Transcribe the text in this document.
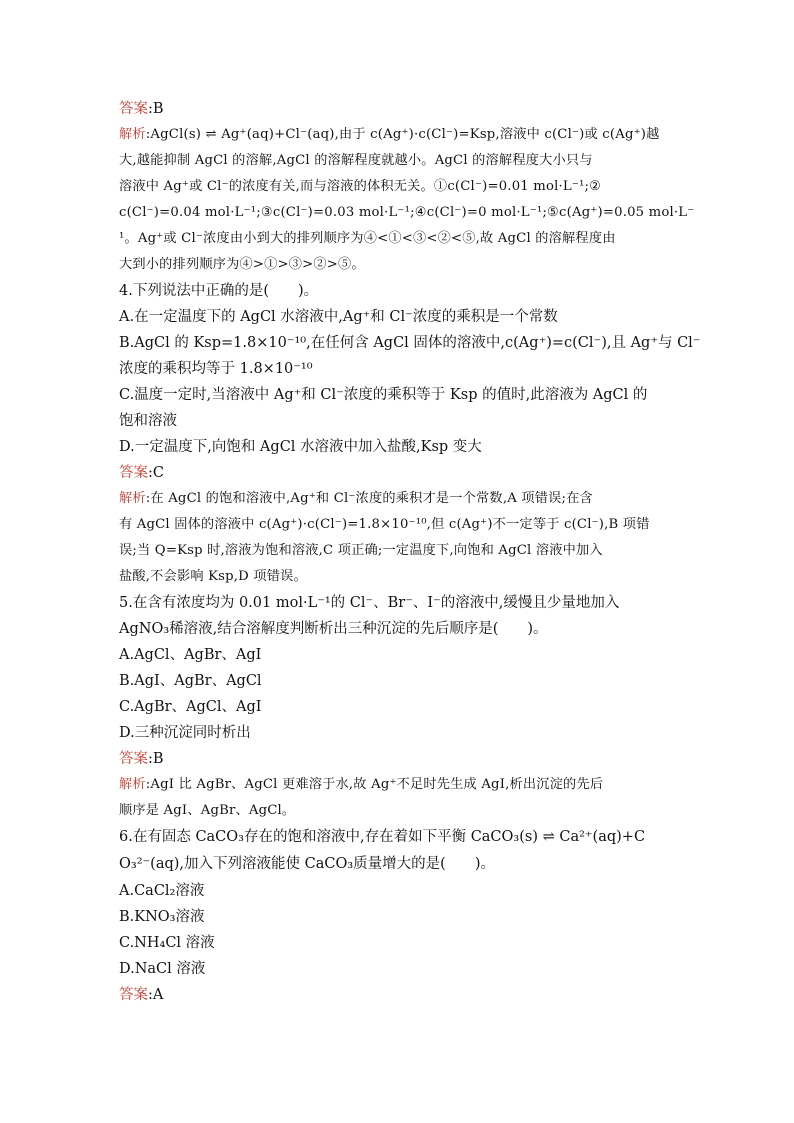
答案:B
解析:AgCl(s) ⇌ Ag⁺(aq)+Cl⁻(aq),由于 c(Ag⁺)·c(Cl⁻)=Ksp,溶液中 c(Cl⁻)或 c(Ag⁺)越
大,越能抑制 AgCl 的溶解,AgCl 的溶解程度就越小。AgCl 的溶解程度大小只与
溶液中 Ag⁺或 Cl⁻的浓度有关,而与溶液的体积无关。①c(Cl⁻)=0.01 mol·L⁻¹;②
c(Cl⁻)=0.04 mol·L⁻¹;③c(Cl⁻)=0.03 mol·L⁻¹;④c(Cl⁻)=0 mol·L⁻¹;⑤c(Ag⁺)=0.05 mol·L⁻
¹。Ag⁺或 Cl⁻浓度由小到大的排列顺序为④<①<③<②<⑤,故 AgCl 的溶解程度由
大到小的排列顺序为④>①>③>②>⑤。
4.下列说法中正确的是(　　)。
A.在一定温度下的 AgCl 水溶液中,Ag⁺和 Cl⁻浓度的乘积是一个常数
B.AgCl 的 Ksp=1.8×10⁻¹⁰,在任何含 AgCl 固体的溶液中,c(Ag⁺)=c(Cl⁻),且 Ag⁺与 Cl⁻
浓度的乘积均等于 1.8×10⁻¹⁰
C.温度一定时,当溶液中 Ag⁺和 Cl⁻浓度的乘积等于 Ksp 的值时,此溶液为 AgCl 的
饱和溶液
D.一定温度下,向饱和 AgCl 水溶液中加入盐酸,Ksp 变大
答案:C
解析:在 AgCl 的饱和溶液中,Ag⁺和 Cl⁻浓度的乘积才是一个常数,A 项错误;在含
有 AgCl 固体的溶液中 c(Ag⁺)·c(Cl⁻)=1.8×10⁻¹⁰,但 c(Ag⁺)不一定等于 c(Cl⁻),B 项错
误;当 Q=Ksp 时,溶液为饱和溶液,C 项正确;一定温度下,向饱和 AgCl 溶液中加入
盐酸,不会影响 Ksp,D 项错误。
5.在含有浓度均为 0.01 mol·L⁻¹的 Cl⁻、Br⁻、I⁻的溶液中,缓慢且少量地加入
AgNO₃稀溶液,结合溶解度判断析出三种沉淀的先后顺序是(　　)。
A.AgCl、AgBr、AgI
B.AgI、AgBr、AgCl
C.AgBr、AgCl、AgI
D.三种沉淀同时析出
答案:B
解析:AgI 比 AgBr、AgCl 更难溶于水,故 Ag⁺不足时先生成 AgI,析出沉淀的先后
顺序是 AgI、AgBr、AgCl。
6.在有固态 CaCO₃存在的饱和溶液中,存在着如下平衡 CaCO₃(s) ⇌ Ca²⁺(aq)+C
O₃²⁻(aq),加入下列溶液能使 CaCO₃质量增大的是(　　)。
A.CaCl₂溶液
B.KNO₃溶液
C.NH₄Cl 溶液
D.NaCl 溶液
答案:A
